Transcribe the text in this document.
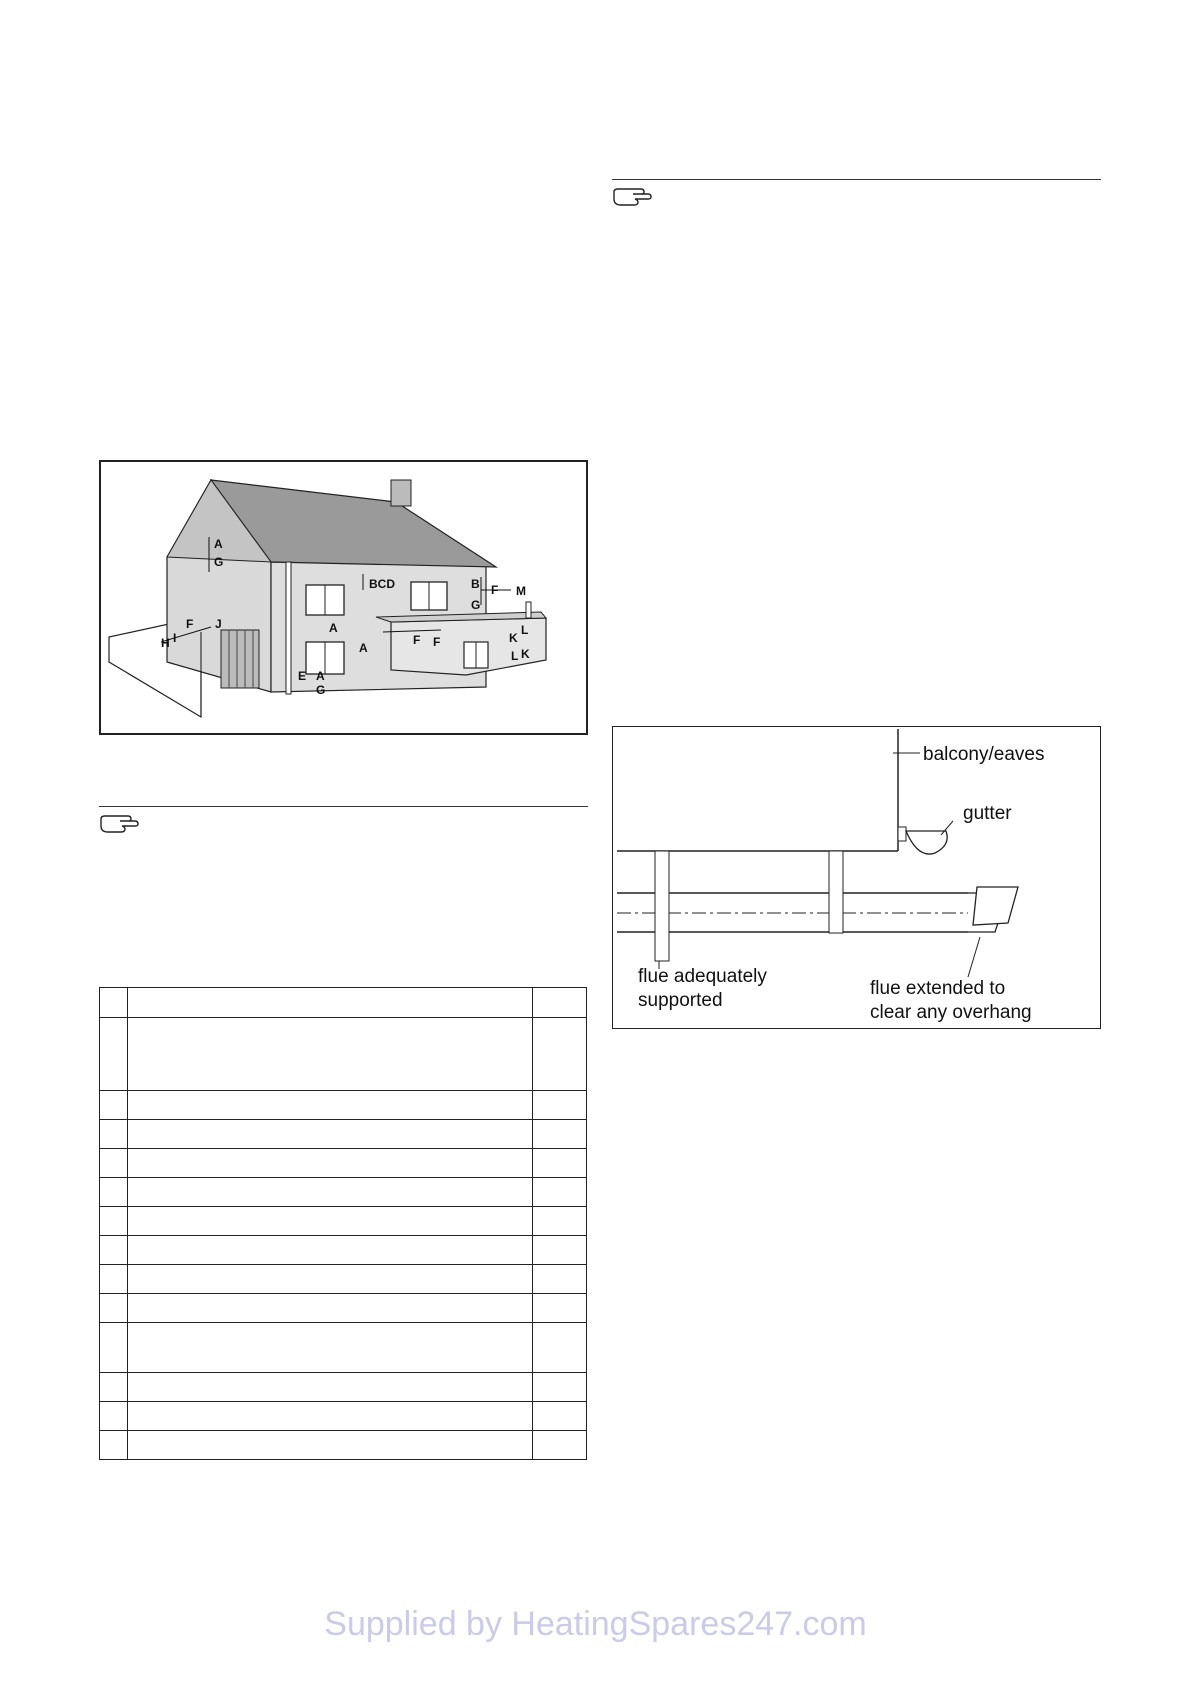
A
G
F J
H I
BCD	B F M
G
A
A
F F	K
L
K
L
E A
G

balcony/eaves
gutter
flue adequately
supported
flue extended to
clear any overhang
Supplied by HeatingSpares247.com
